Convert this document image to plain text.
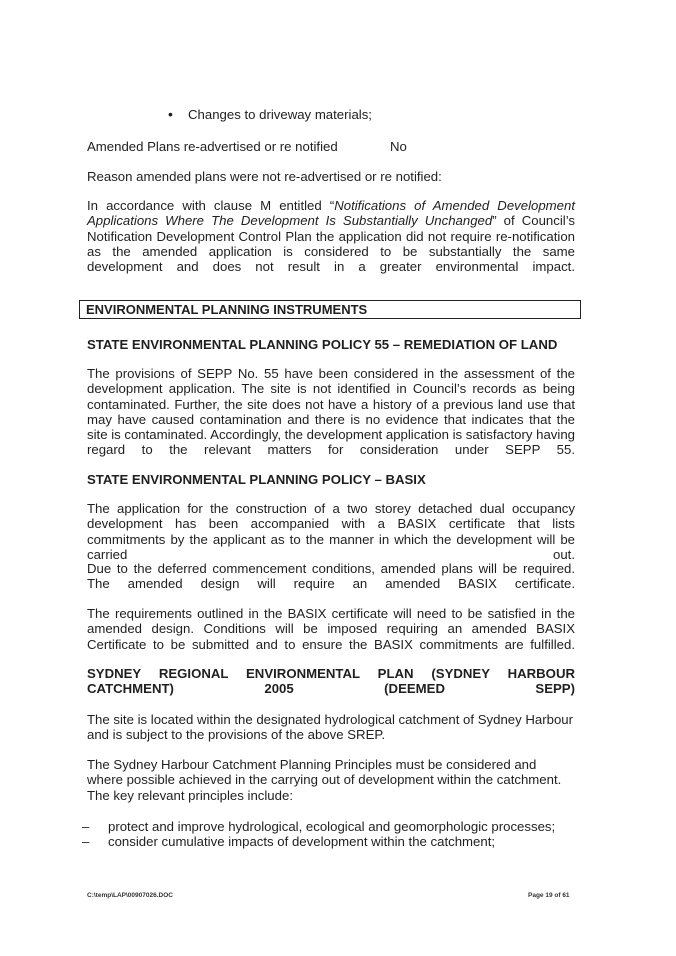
• Changes to driveway materials;
Amended Plans re-advertised or re notified	No

Reason amended plans were not re-advertised or re notified:

In accordance with clause M entitled “Notifications of Amended Development Applications Where The Development Is Substantially Unchanged” of Council’s Notification Development Control Plan the application did not require re-notification as the amended application is considered to be substantially the same development and does not result in a greater environmental impact.

ENVIRONMENTAL PLANNING INSTRUMENTS

STATE ENVIRONMENTAL PLANNING POLICY 55 – REMEDIATION OF LAND

The provisions of SEPP No. 55 have been considered in the assessment of the development application. The site is not identified in Council’s records as being contaminated. Further, the site does not have a history of a previous land use that may have caused contamination and there is no evidence that indicates that the site is contaminated. Accordingly, the development application is satisfactory having regard to the relevant matters for consideration under SEPP 55.

STATE ENVIRONMENTAL PLANNING POLICY – BASIX

The application for the construction of a two storey detached dual occupancy development has been accompanied with a BASIX certificate that lists commitments by the applicant as to the manner in which the development will be carried out.

Due to the deferred commencement conditions, amended plans will be required. The amended design will require an amended BASIX certificate.

The requirements outlined in the BASIX certificate will need to be satisfied in the amended design. Conditions will be imposed requiring an amended BASIX Certificate to be submitted and to ensure the BASIX commitments are fulfilled.

SYDNEY REGIONAL ENVIRONMENTAL PLAN (SYDNEY HARBOUR CATCHMENT) 2005 (DEEMED SEPP)

The site is located within the designated hydrological catchment of Sydney Harbour and is subject to the provisions of the above SREP.

The Sydney Harbour Catchment Planning Principles must be considered and where possible achieved in the carrying out of development within the catchment. The key relevant principles include:

– protect and improve hydrological, ecological and geomorphologic processes;
– consider cumulative impacts of development within the catchment;
C:\temp\LAP\00907026.DOC	Page 19 of 61
